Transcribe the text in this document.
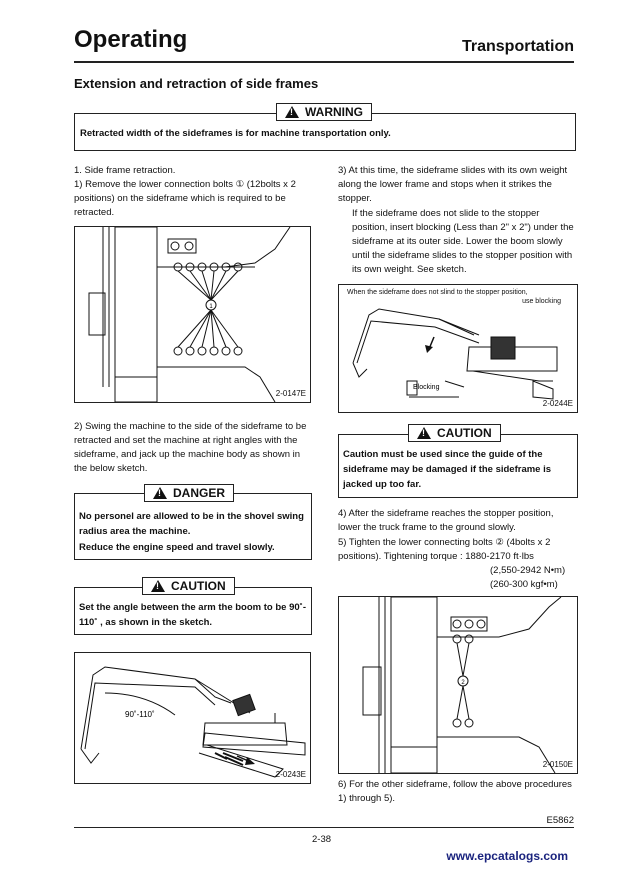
Operating	Transportation
Extension and retraction of side frames
Retracted width of the sideframes is for machine transportation only.
!
WARNING
1. Side frame retraction.
1) Remove the lower connection bolts ① (12bolts x 2 positions) on the sideframe which is required to be retracted.
1
2-0147E
2) Swing the machine to the side of the sideframe to be retracted and set the machine at right angles with the sideframe, and jack up the machine body as shown in the below sketch.
No personel are allowed to be in the shovel swing radius area the machine.
Reduce the engine speed and travel slowly.
!
DANGER
Set the angle between the arm the boom to be 90˚- 110˚ , as shown in the sketch.
!
CAUTION
90˚-110˚
2-0243E
3) At this time, the sideframe slides with its own weight along the lower frame and stops when it strikes the stopper.
If the sideframe does not slide to the stopper position, insert blocking (Less than 2" x 2") under the sideframe at its outer side. Lower the boom slowly until the sideframe slides to the stopper position with its own weight. See sketch.
When the sideframe does not slind to the stopper position,
use blocking
Blocking
2-0244E
Caution must be used since the guide of the sideframe may be damaged if the sideframe is jacked up too far.
!
CAUTION
4) After the sideframe reaches the stopper position, lower the truck frame to the ground slowly.
5) Tighten the lower connecting bolts ② (4bolts x 2 positions). Tightening torque : 1880-2170 ft·lbs
(2,550-2942 N•m)
(260-300 kgf•m)
2
2-0150E
6) For the other sideframe, follow the above procedures 1) through 5).
E5862
2-38
www.epcatalogs.com
